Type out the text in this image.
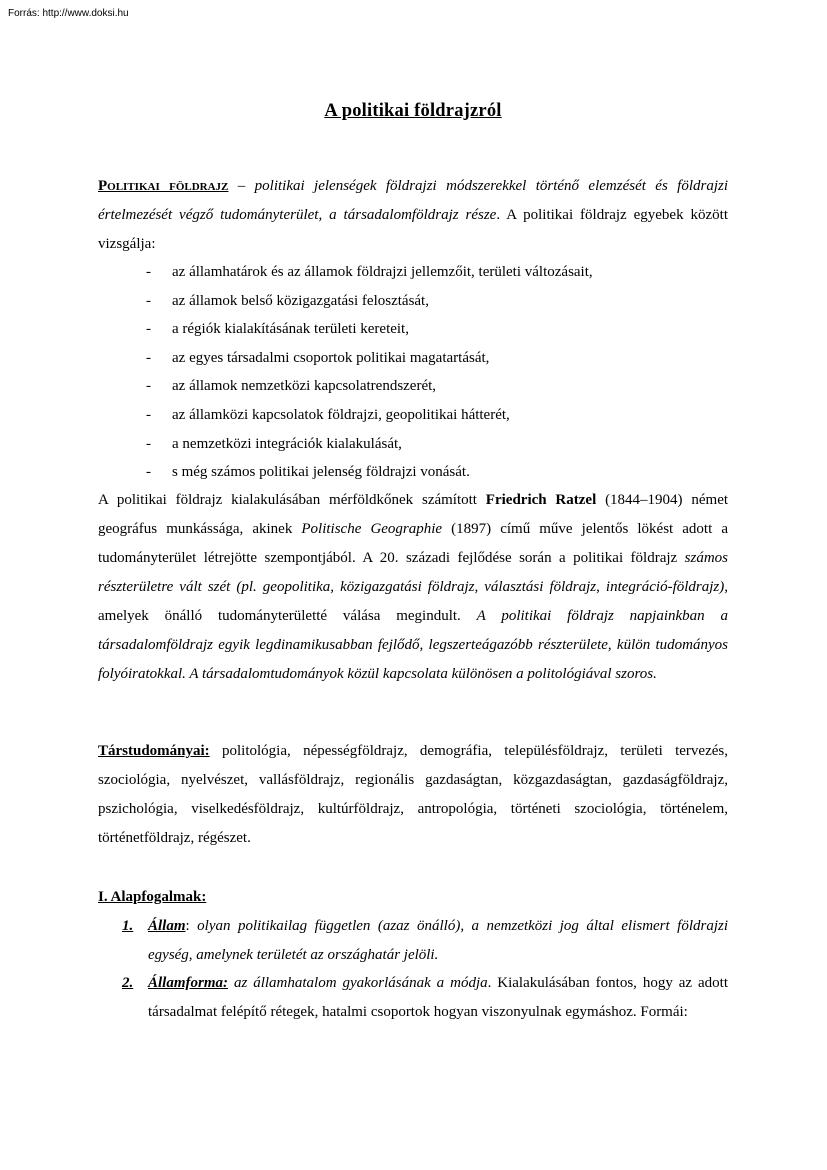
Forrás: http://www.doksi.hu
A politikai földrajzról

Politikai földrajz – politikai jelenségek földrajzi módszerekkel történő elemzését és földrajzi értelmezését végző tudományterület, a társadalomföldrajz része. A politikai földrajz egyebek között vizsgálja:

- az államhatárok és az államok földrajzi jellemzőit, területi változásait,
- az államok belső közigazgatási felosztását,
- a régiók kialakításának területi kereteit,
- az egyes társadalmi csoportok politikai magatartását,
- az államok nemzetközi kapcsolatrendszerét,
- az államközi kapcsolatok földrajzi, geopolitikai hátterét,
- a nemzetközi integrációk kialakulását,
- s még számos politikai jelenség földrajzi vonását.

A politikai földrajz kialakulásában mérföldkőnek számított Friedrich Ratzel (1844–1904) német geográfus munkássága, akinek Politische Geographie (1897) című műve jelentős lökést adott a tudományterület létrejötte szempontjából. A 20. századi fejlődése során a politikai földrajz számos részterületre vált szét (pl. geopolitika, közigazgatási földrajz, választási földrajz, integráció-földrajz), amelyek önálló tudományterületté válása megindult. A politikai földrajz napjainkban a társadalomföldrajz egyik legdinamikusabban fejlődő, legszerteágazóbb részterülete, külön tudományos folyóiratokkal. A társadalomtudományok közül kapcsolata különösen a politológiával szoros.

Társtudományai: politológia, népességföldrajz, demográfia, településföldrajz, területi tervezés, szociológia, nyelvészet, vallásföldrajz, regionális gazdaságtan, közgazdaságtan, gazdaságföldrajz, pszichológia, viselkedésföldrajz, kultúrföldrajz, antropológia, történeti szociológia, történelem, történetföldrajz, régészet.

I. Alapfogalmak:
1. Állam: olyan politikailag független (azaz önálló), a nemzetközi jog által elismert földrajzi egység, amelynek területét az országhatár jelöli.
2. Államforma: az államhatalom gyakorlásának a módja. Kialakulásában fontos, hogy az adott társadalmat felépítő rétegek, hatalmi csoportok hogyan viszonyulnak egymáshoz. Formái:
